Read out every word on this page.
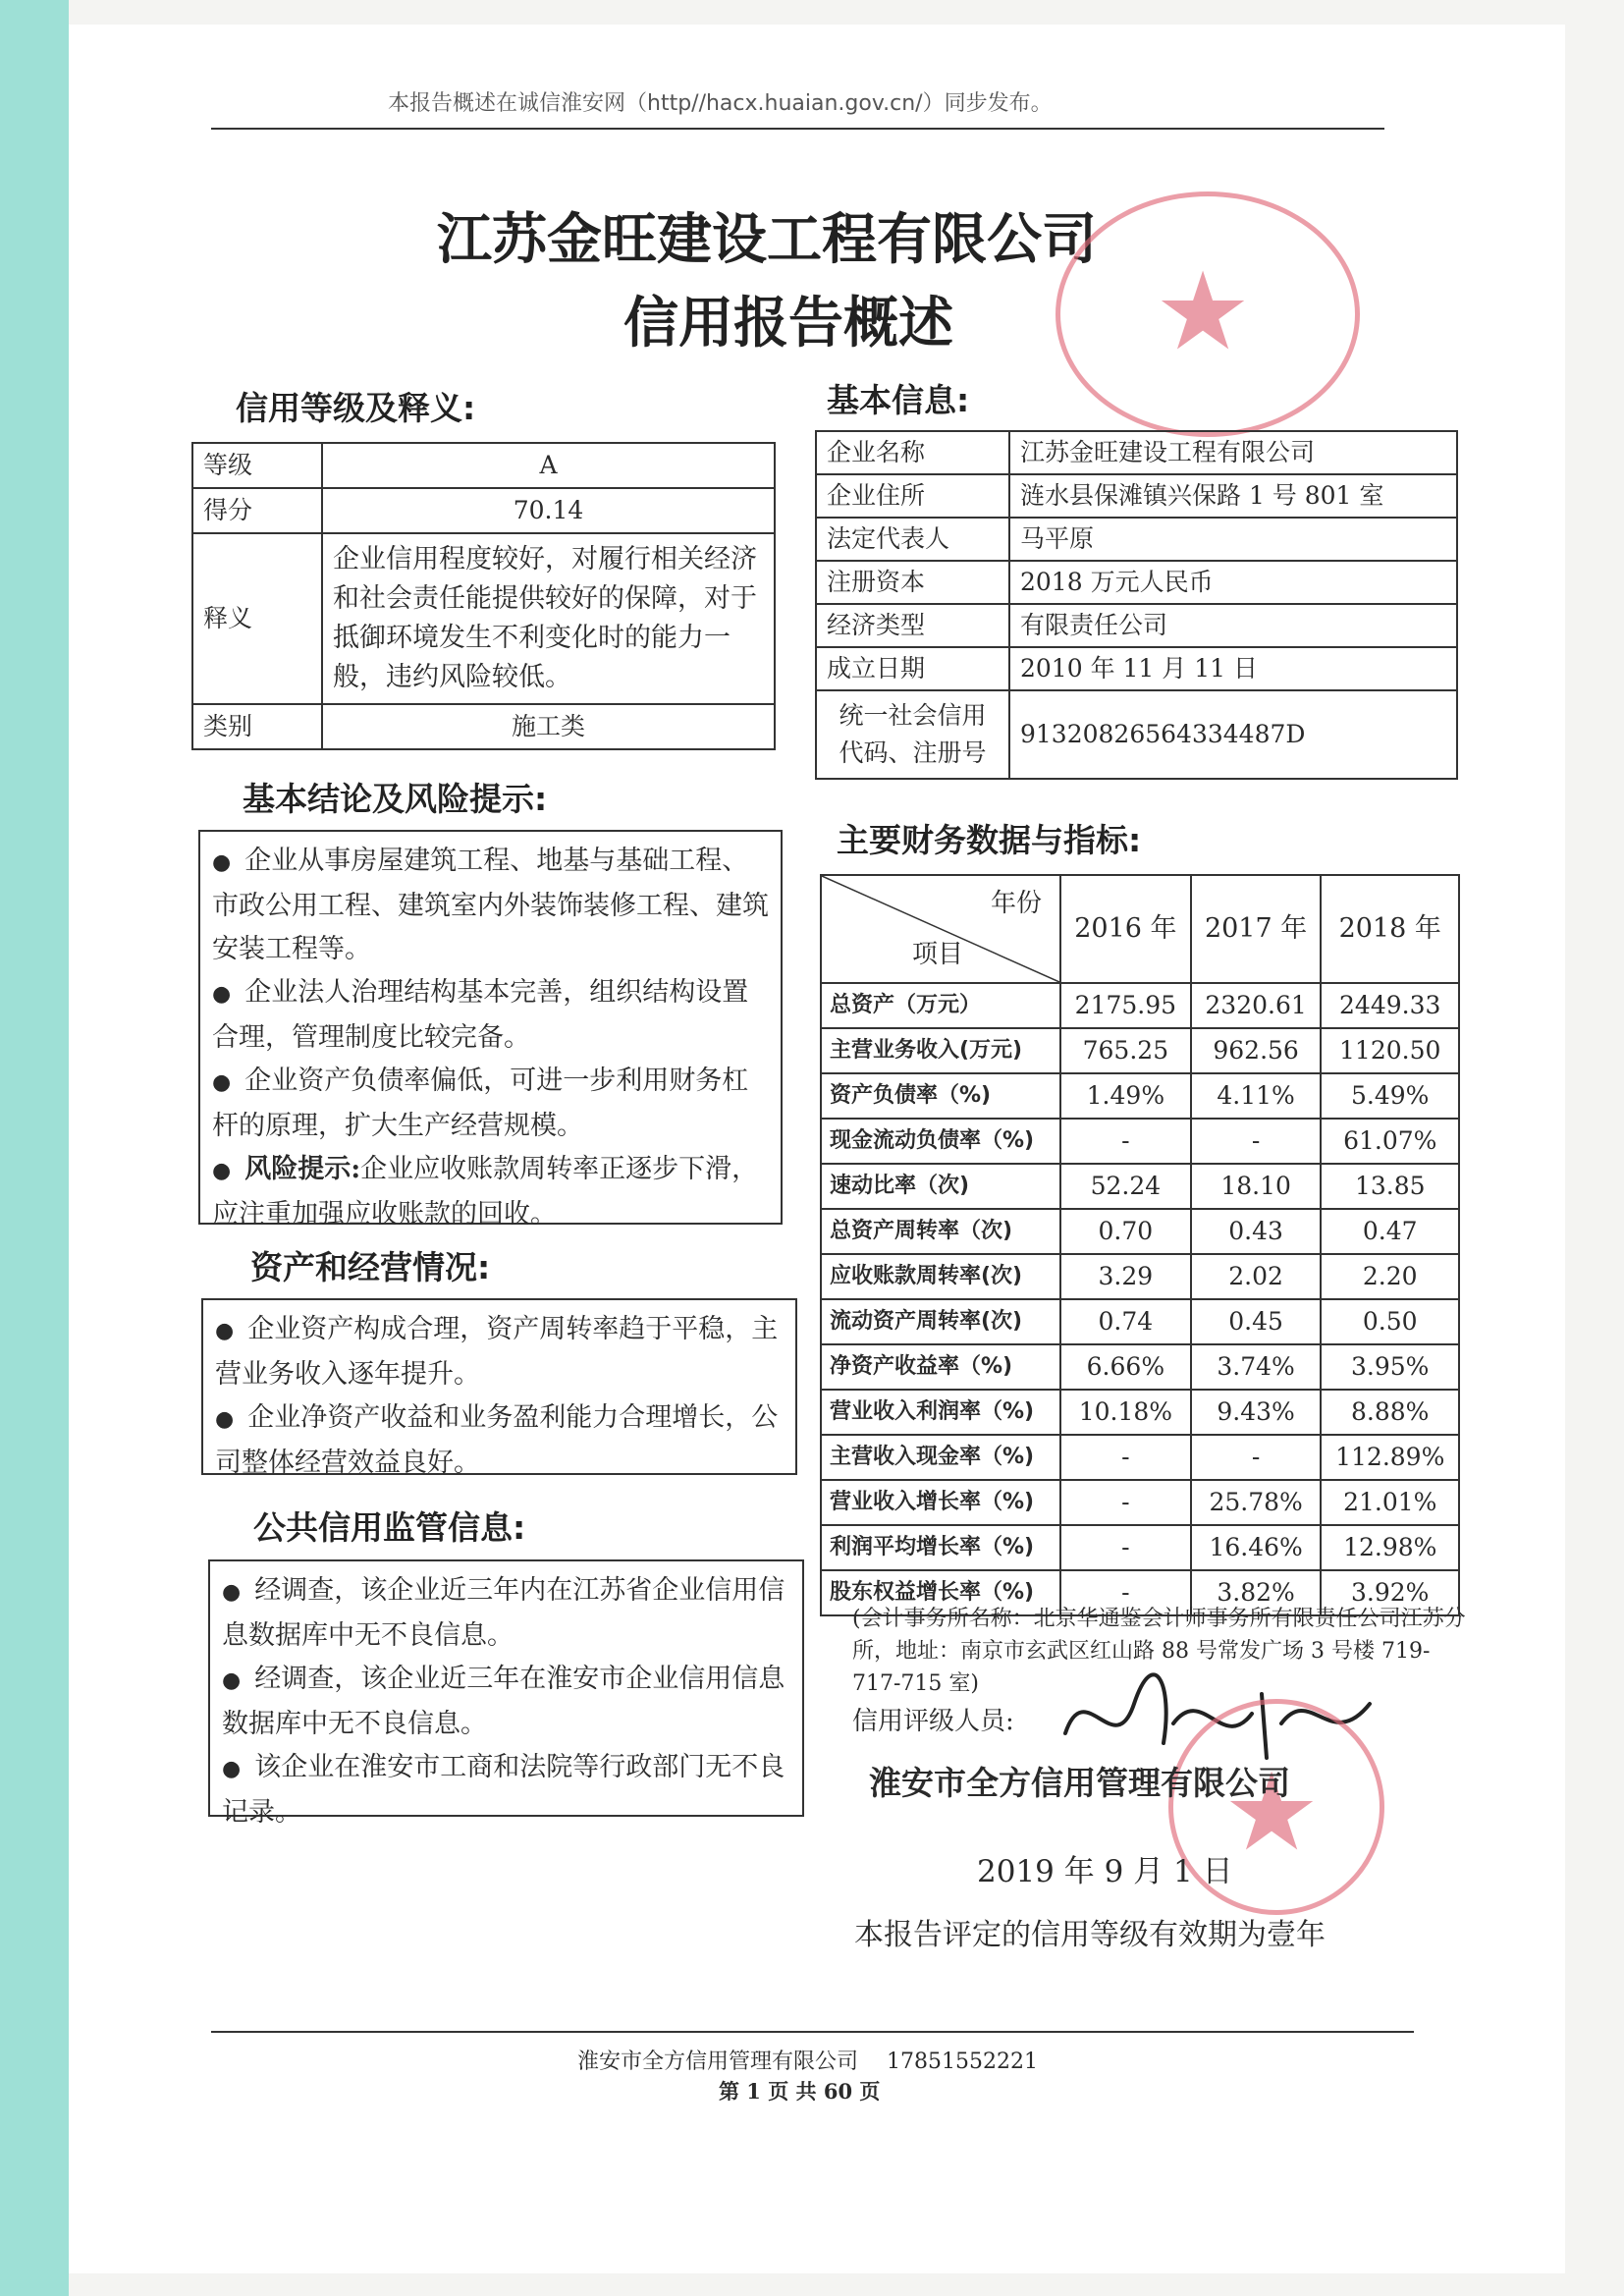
本报告概述在诚信淮安网（http//hacx.huaian.gov.cn/）同步发布。
江苏金旺建设工程有限公司
信用报告概述 ★
信用等级及释义:
等级	A
得分	70.14
释义	企业信用程度较好，对履行相关经济和社会责任能提供较好的保障，对于抵御环境发生不利变化时的能力一般，违约风险较低。
类别	施工类
基本信息:
企业名称	江苏金旺建设工程有限公司
企业住所	涟水县保滩镇兴保路 1 号 801 室
法定代表人	马平原
注册资本	2018 万元人民币
经济类型	有限责任公司
成立日期	2010 年 11 月 11 日

统一社会信用
代码、注册号	91320826564334487D
基本结论及风险提示:

● 企业从事房屋建筑工程、地基与基础工程、市政公用工程、建筑室内外装饰装修工程、建筑安装工程等。

● 企业法人治理结构基本完善，组织结构设置合理，管理制度比较完备。

● 企业资产负债率偏低，可进一步利用财务杠杆的原理，扩大生产经营规模。

● 风险提示:企业应收账款周转率正逐步下滑，应注重加强应收账款的回收。

资产和经营情况:

● 企业资产构成合理，资产周转率趋于平稳，主营业务收入逐年提升。

● 企业净资产收益和业务盈利能力合理增长，公司整体经营效益良好。

公共信用监管信息:

● 经调查，该企业近三年内在江苏省企业信用信息数据库中无不良信息。

● 经调查，该企业近三年在淮安市企业信用信息数据库中无不良信息。

● 该企业在淮安市工商和法院等行政部门无不良记录。

主要财务数据与指标:
年份
项目	2016 年	2017 年	2018 年
总资产（万元）	2175.95	2320.61	2449.33
主营业务收入(万元)	765.25	962.56	1120.50
资产负债率（%)	1.49%	4.11%	5.49%
现金流动负债率（%)	-	-	61.07%
速动比率（次)	52.24	18.10	13.85
总资产周转率（次)	0.70	0.43	0.47
应收账款周转率(次)	3.29	2.02	2.20
流动资产周转率(次)	0.74	0.45	0.50
净资产收益率（%)	6.66%	3.74%	3.95%
营业收入利润率（%)	10.18%	9.43%	8.88%
主营收入现金率（%)	-	-	112.89%
营业收入增长率（%)	-	25.78%	21.01%
利润平均增长率（%)	-	16.46%	12.98%
股东权益增长率（%)	-	3.82%	3.92%
(会计事务所名称：北京华通鉴会计师事务所有限责任公司江苏分所，地址：南京市玄武区红山路 88 号常发广场 3 号楼 719-717-715 室)
信用评级人员:
★
淮安市全方信用管理有限公司
2019 年 9 月 1 日
本报告评定的信用等级有效期为壹年
淮安市全方信用管理有限公司 17851552221
第 1 页 共 60 页
